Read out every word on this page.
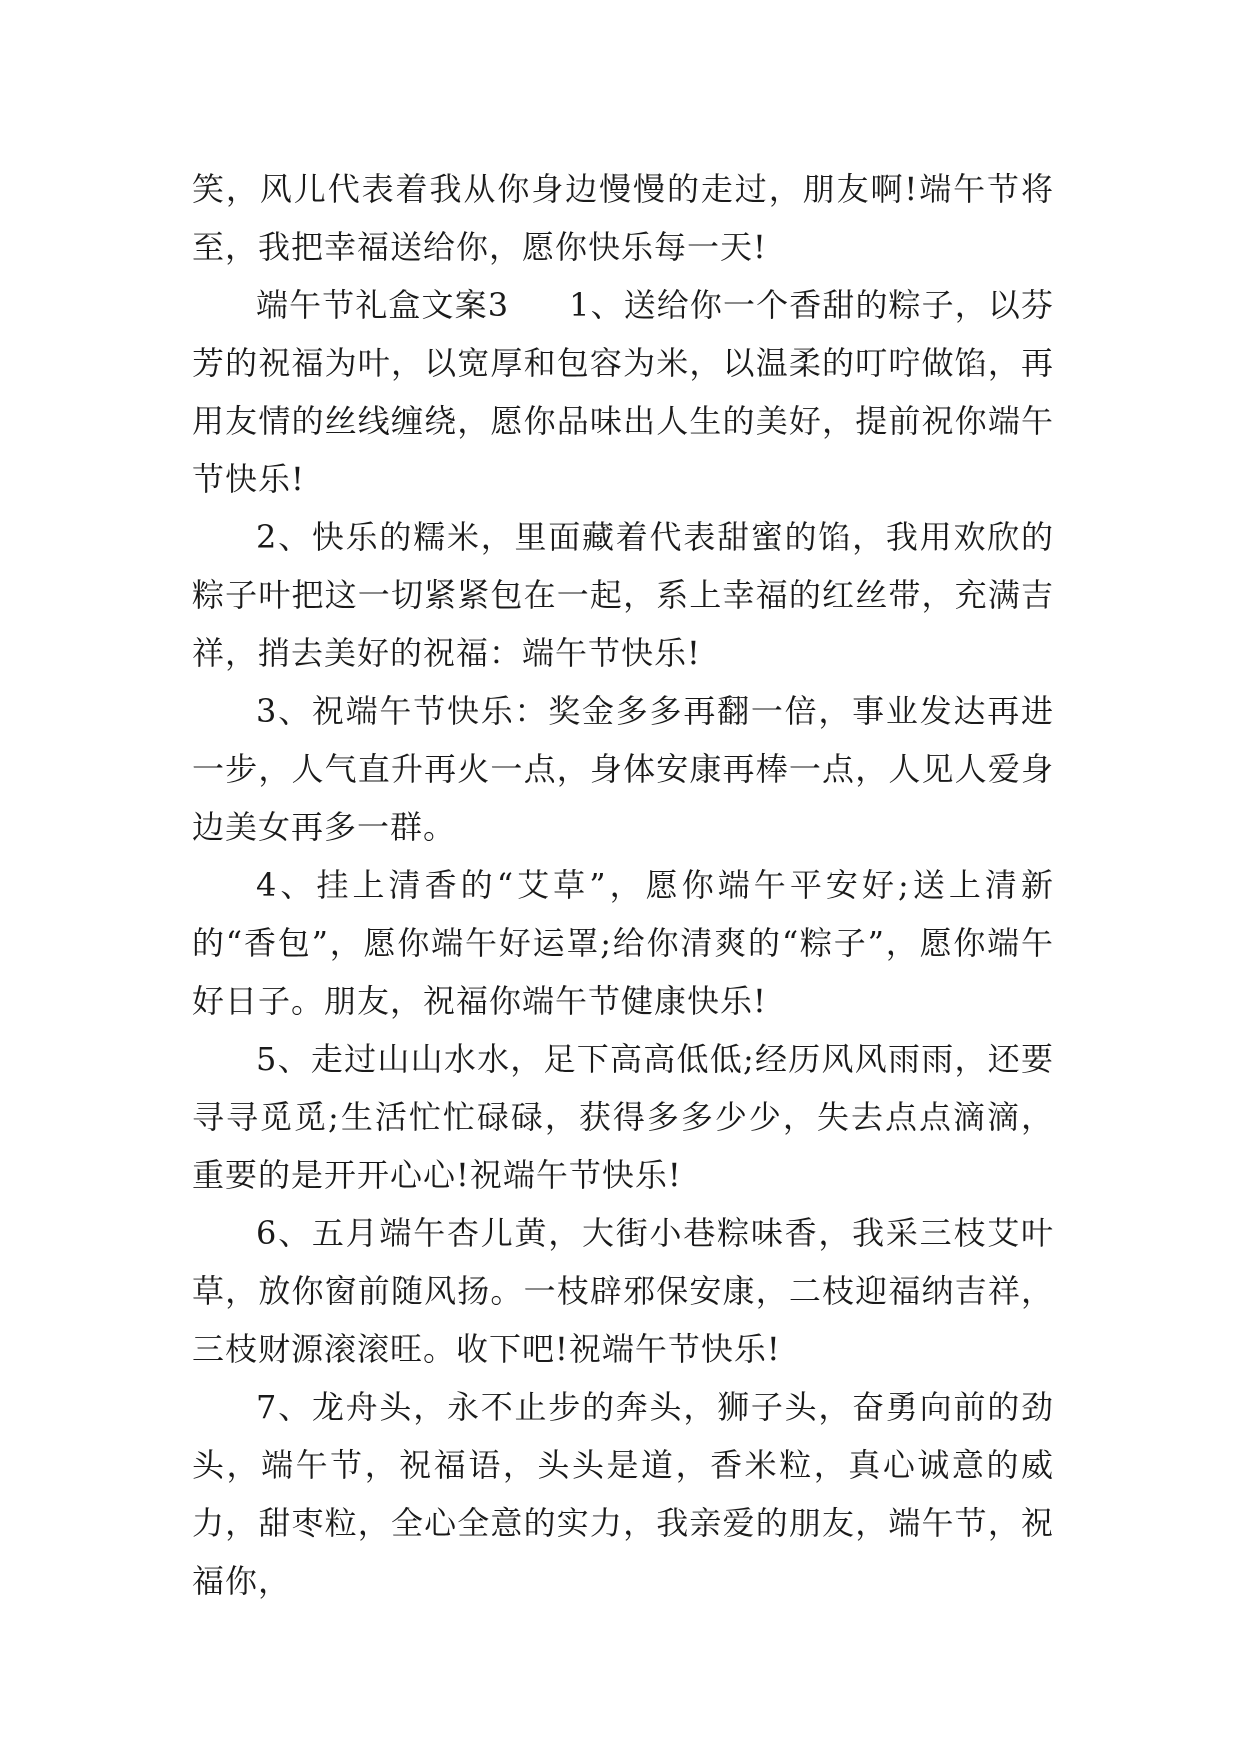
笑，风儿代表着我从你身边慢慢的走过，朋友啊!端午节将至，我把幸福送给你，愿你快乐每一天!

端午节礼盒文案3 1、送给你一个香甜的粽子，以芬芳的祝福为叶，以宽厚和包容为米，以温柔的叮咛做馅，再用友情的丝线缠绕，愿你品味出人生的美好，提前祝你端午节快乐!

2、快乐的糯米，里面藏着代表甜蜜的馅，我用欢欣的粽子叶把这一切紧紧包在一起，系上幸福的红丝带，充满吉祥，捎去美好的祝福：端午节快乐!

3、祝端午节快乐：奖金多多再翻一倍，事业发达再进一步，人气直升再火一点，身体安康再棒一点，人见人爱身边美女再多一群。

4、挂上清香的“艾草”，愿你端午平安好;送上清新的“香包”，愿你端午好运罩;给你清爽的“粽子”，愿你端午好日子。朋友，祝福你端午节健康快乐!

5、走过山山水水，足下高高低低;经历风风雨雨，还要寻寻觅觅;生活忙忙碌碌，获得多多少少，失去点点滴滴，重要的是开开心心!祝端午节快乐!

6、五月端午杏儿黄，大街小巷粽味香，我采三枝艾叶草，放你窗前随风扬。一枝辟邪保安康，二枝迎福纳吉祥，三枝财源滚滚旺。收下吧!祝端午节快乐!

7、龙舟头，永不止步的奔头，狮子头，奋勇向前的劲头，端午节，祝福语，头头是道，香米粒，真心诚意的威力，甜枣粒，全心全意的实力，我亲爱的朋友，端午节，祝福你，
